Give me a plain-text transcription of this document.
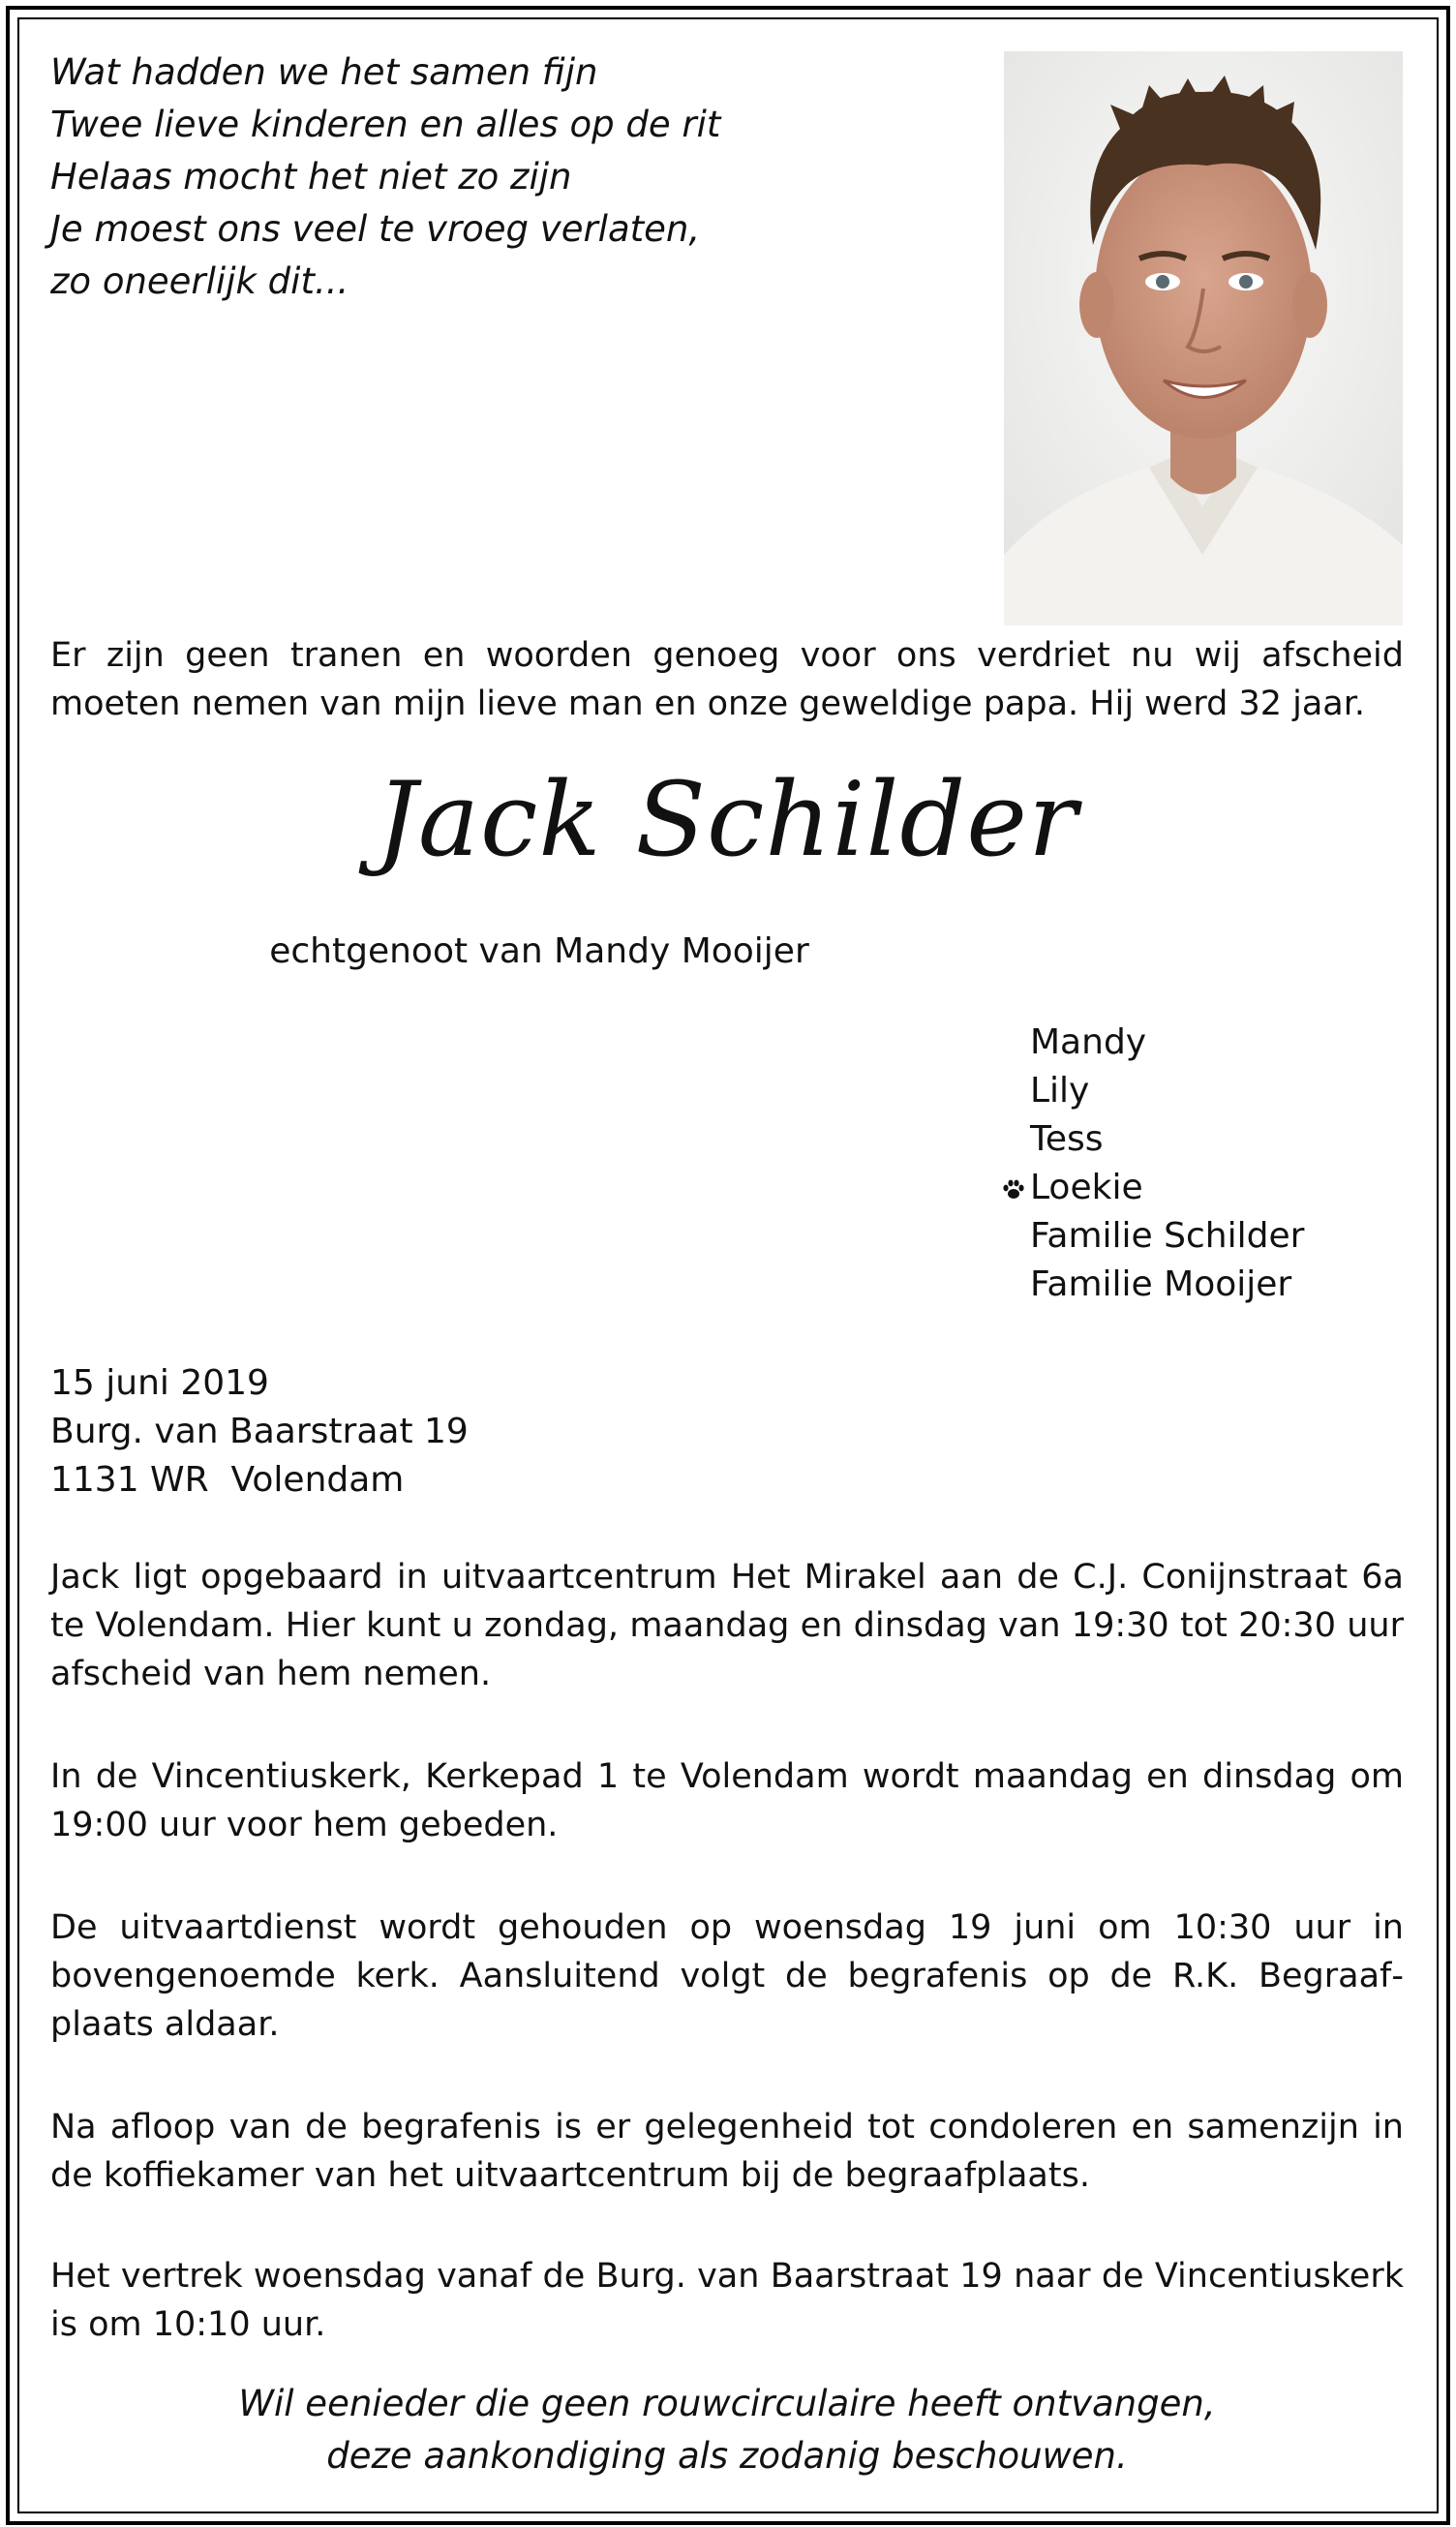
Wat hadden we het samen fijn
Twee lieve kinderen en alles op de rit
Helaas mocht het niet zo zijn
Je moest ons veel te vroeg verlaten,
zo oneerlijk dit...
Er zijn geen tranen en woorden genoeg voor ons verdriet nu wij afscheid moeten nemen van mijn lieve man en onze geweldige papa. Hij werd 32 jaar.
Jack Schilder
echtgenoot van Mandy Mooijer
Mandy
Lily
Tess
Loekie
Familie Schilder
Familie Mooijer
15 juni 2019
Burg. van Baarstraat 19
1131 WR  Volendam
Jack ligt opgebaard in uitvaartcentrum Het Mirakel aan de C.J. Conijnstraat 6a te Volendam. Hier kunt u zondag, maandag en dinsdag van 19:30 tot 20:30 uur afscheid van hem nemen.
In de Vincentiuskerk, Kerkepad 1 te Volendam wordt maandag en dinsdag om 19:00 uur voor hem gebeden.
De uitvaartdienst wordt gehouden op woensdag 19 juni om 10:30 uur in bovengenoemde kerk. Aansluitend volgt de begrafenis op de R.K. Begraafplaats aldaar.
Na afloop van de begrafenis is er gelegenheid tot condoleren en samenzijn in de koffiekamer van het uitvaartcentrum bij de begraafplaats.
Het vertrek woensdag vanaf de Burg. van Baarstraat 19 naar de Vincentiuskerk is om 10:10 uur.
Wil eenieder die geen rouwcirculaire heeft ontvangen,
deze aankondiging als zodanig beschouwen.
